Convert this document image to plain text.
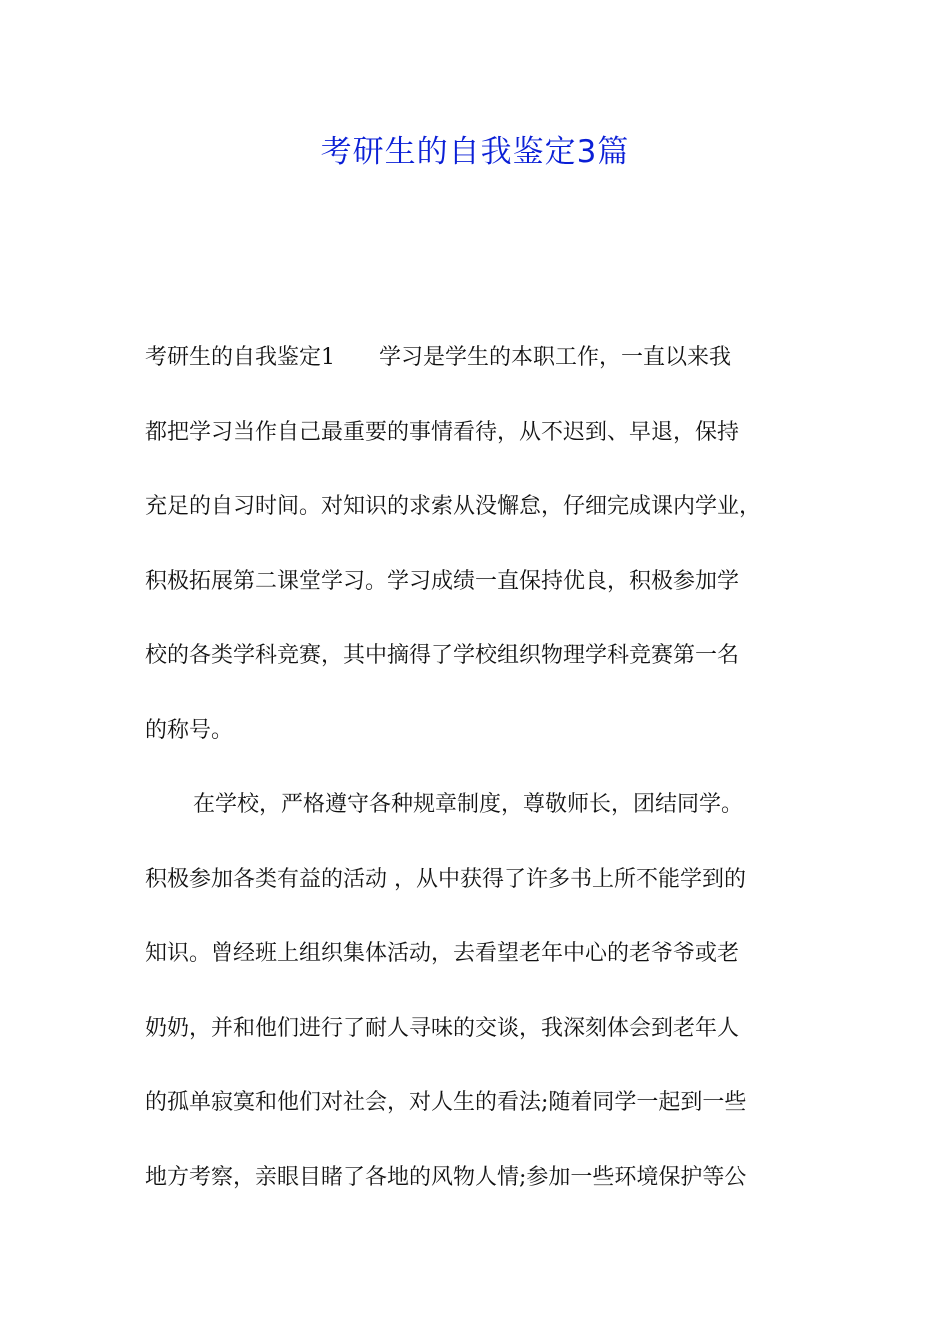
考研生的自我鉴定3篇

考研生的自我鉴定1　　学习是学生的本职工作，一直以来我

都把学习当作自己最重要的事情看待，从不迟到、早退，保持

充足的自习时间。对知识的求索从没懈怠，仔细完成课内学业，

积极拓展第二课堂学习。学习成绩一直保持优良，积极参加学

校的各类学科竞赛，其中摘得了学校组织物理学科竞赛第一名

的称号。

在学校，严格遵守各种规章制度，尊敬师长，团结同学。

积极参加各类有益的活动 ，从中获得了许多书上所不能学到的

知识。曾经班上组织集体活动，去看望老年中心的老爷爷或老

奶奶，并和他们进行了耐人寻味的交谈，我深刻体会到老年人

的孤单寂寞和他们对社会，对人生的看法;随着同学一起到一些

地方考察，亲眼目睹了各地的风物人情;参加一些环境保护等公
